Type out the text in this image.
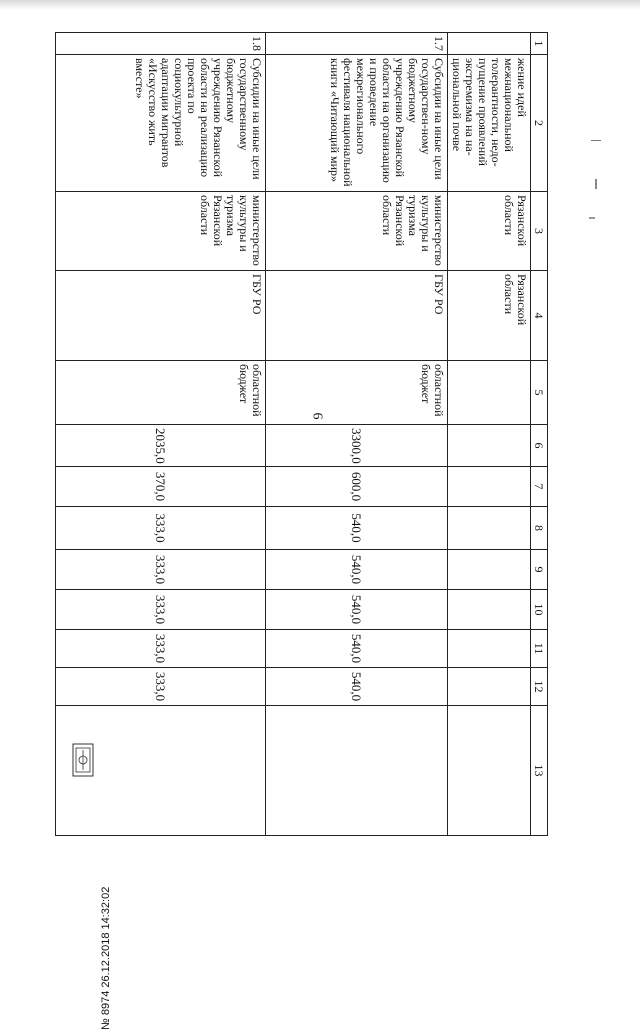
6
1	2	3	4	5	6	7	8	9	10	11	12	13
	жение идей межнациональной толерантности, недо-пущение проявлений экстремизма на на-циональной почве	Рязанской области	Рязанской области									
1.7	Субсидии на иные цели государствен-ному бюджетному учреждению Рязанской области на организацию и проведение межрегионального фестиваля национальной книги «Читающий мир»	министерство культуры и туризма Рязанской области	ГБУ РО	областной бюджет	3300,0	600,0	540,0	540,0	540,0	540,0	540,0	
1.8	Субсидии на иные цели государственному бюджетному учреждению Рязанской области на реализацию проекта по социокультурной адаптации мигрантов «Искусство жить вместе»	министерство культуры и туризма Рязанской области	ГБУ РО	областной бюджет	2035,0	370,0	333,0	333,0	333,0	333,0	333,0	
№ 8974 26.12.2018 14:32:02
